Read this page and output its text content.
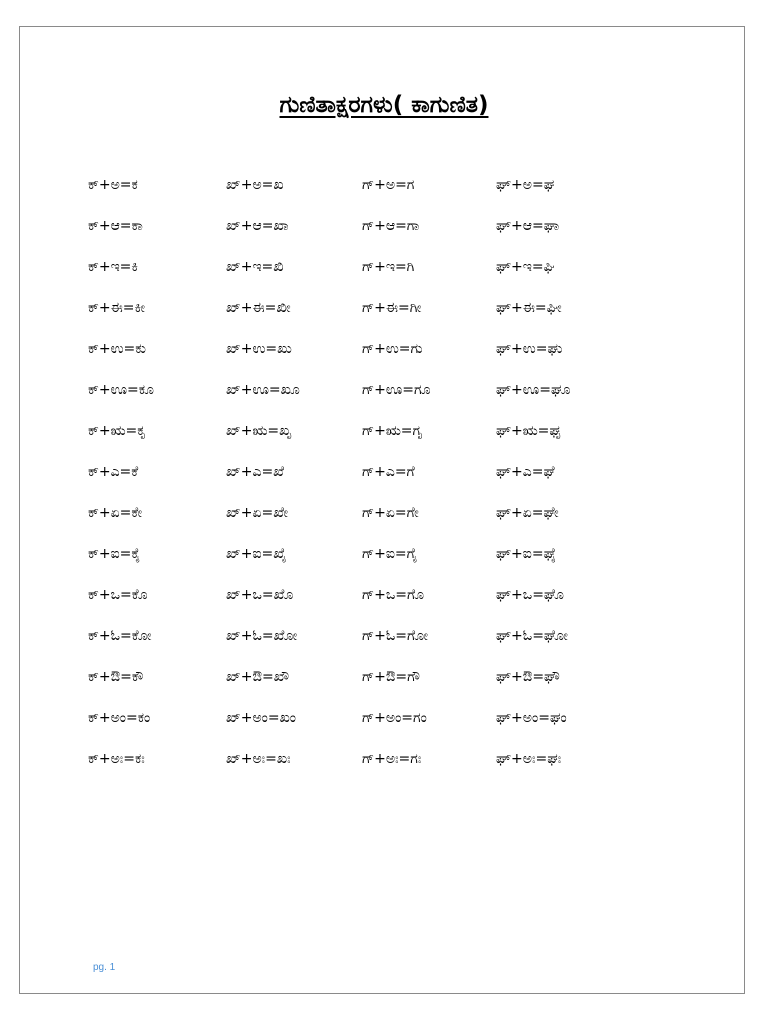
ಗುಣಿತಾಕ್ಷರಗಳು( ಕಾಗುಣಿತ)
ಕ್+ಅ=ಕ	ಖ್+ಅ=ಖ	ಗ್+ಅ=ಗ	ಘ್+ಅ=ಘ
ಕ್+ಆ=ಕಾ	ಖ್+ಆ=ಖಾ	ಗ್+ಆ=ಗಾ	ಘ್+ಆ=ಘಾ
ಕ್+ಇ=ಕಿ	ಖ್+ಇ=ಖಿ	ಗ್+ಇ=ಗಿ	ಘ್+ಇ=ಘಿ
ಕ್+ಈ=ಕೀ	ಖ್+ಈ=ಖೀ	ಗ್+ಈ=ಗೀ	ಘ್+ಈ=ಘೀ
ಕ್+ಉ=ಕು	ಖ್+ಉ=ಖು	ಗ್+ಉ=ಗು	ಘ್+ಉ=ಘು
ಕ್+ಊ=ಕೂ	ಖ್+ಊ=ಖೂ	ಗ್+ಊ=ಗೂ	ಘ್+ಊ=ಘೂ
ಕ್+ಋ=ಕೃ	ಖ್+ಋ=ಖೃ	ಗ್+ಋ=ಗೃ	ಘ್+ಋ=ಘೃ
ಕ್+ಎ=ಕೆ	ಖ್+ಎ=ಖೆ	ಗ್+ಎ=ಗೆ	ಘ್+ಎ=ಘೆ
ಕ್+ಏ=ಕೇ	ಖ್+ಏ=ಖೇ	ಗ್+ಏ=ಗೇ	ಘ್+ಏ=ಘೇ
ಕ್+ಐ=ಕೈ	ಖ್+ಐ=ಖೈ	ಗ್+ಐ=ಗೈ	ಘ್+ಐ=ಘೈ
ಕ್+ಒ=ಕೊ	ಖ್+ಒ=ಖೊ	ಗ್+ಒ=ಗೊ	ಘ್+ಒ=ಘೊ
ಕ್+ಓ=ಕೋ	ಖ್+ಓ=ಖೋ	ಗ್+ಓ=ಗೋ	ಘ್+ಓ=ಘೋ
ಕ್+ಔ=ಕೌ	ಖ್+ಔ=ಖೌ	ಗ್+ಔ=ಗೌ	ಘ್+ಔ=ಘೌ
ಕ್+ಅಂ=ಕಂ	ಖ್+ಅಂ=ಖಂ	ಗ್+ಅಂ=ಗಂ	ಘ್+ಅಂ=ಘಂ
ಕ್+ಅಃ=ಕಃ	ಖ್+ಅಃ=ಖಃ	ಗ್+ಅಃ=ಗಃ	ಘ್+ಅಃ=ಘಃ
pg. 1
